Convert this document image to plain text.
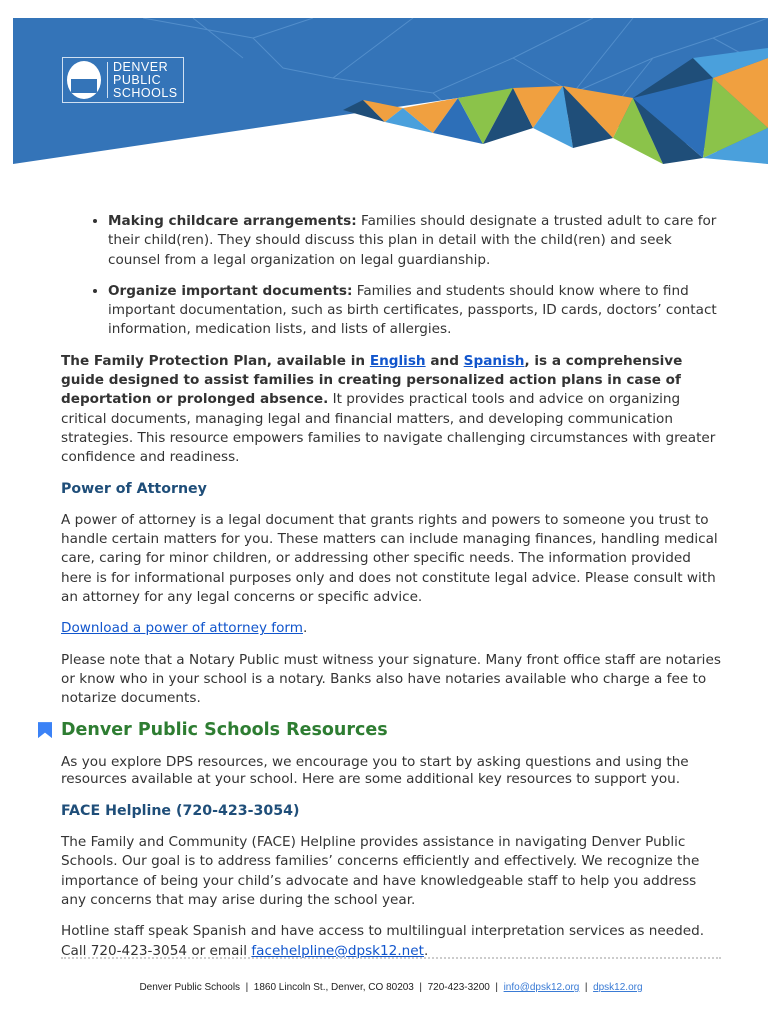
DENVER
PUBLIC
SCHOOLS
• Making childcare arrangements: Families should designate a trusted adult to care for their child(ren). They should discuss this plan in detail with the child(ren) and seek counsel from a legal organization on legal guardianship.
• Organize important documents: Families and students should know where to find important documentation, such as birth certificates, passports, ID cards, doctors’ contact information, medication lists, and lists of allergies.

The Family Protection Plan, available in English and Spanish, is a comprehensive guide designed to assist families in creating personalized action plans in case of deportation or prolonged absence. It provides practical tools and advice on organizing critical documents, managing legal and financial matters, and developing communication strategies. This resource empowers families to navigate challenging circumstances with greater confidence and readiness.

Power of Attorney

A power of attorney is a legal document that grants rights and powers to someone you trust to handle certain matters for you. These matters can include managing finances, handling medical care, caring for minor children, or addressing other specific needs. The information provided here is for informational purposes only and does not constitute legal advice. Please consult with an attorney for any legal concerns or specific advice.

Download a power of attorney form.

Please note that a Notary Public must witness your signature. Many front office staff are notaries or know who in your school is a notary. Banks also have notaries available who charge a fee to notarize documents.

Denver Public Schools Resources

As you explore DPS resources, we encourage you to start by asking questions and using the resources available at your school. Here are some additional key resources to support you.

FACE Helpline (720-423-3054)

The Family and Community (FACE) Helpline provides assistance in navigating Denver Public Schools. Our goal is to address families’ concerns efficiently and effectively. We recognize the importance of being your child’s advocate and have knowledgeable staff to help you address any concerns that may arise during the school year.

Hotline staff speak Spanish and have access to multilingual interpretation services as needed. Call 720-423-3054 or email facehelpline@dpsk12.net.

Denver Public Schools  |  1860 Lincoln St., Denver, CO 80203  |  720-423-3200  |  info@dpsk12.org  |  dpsk12.org
